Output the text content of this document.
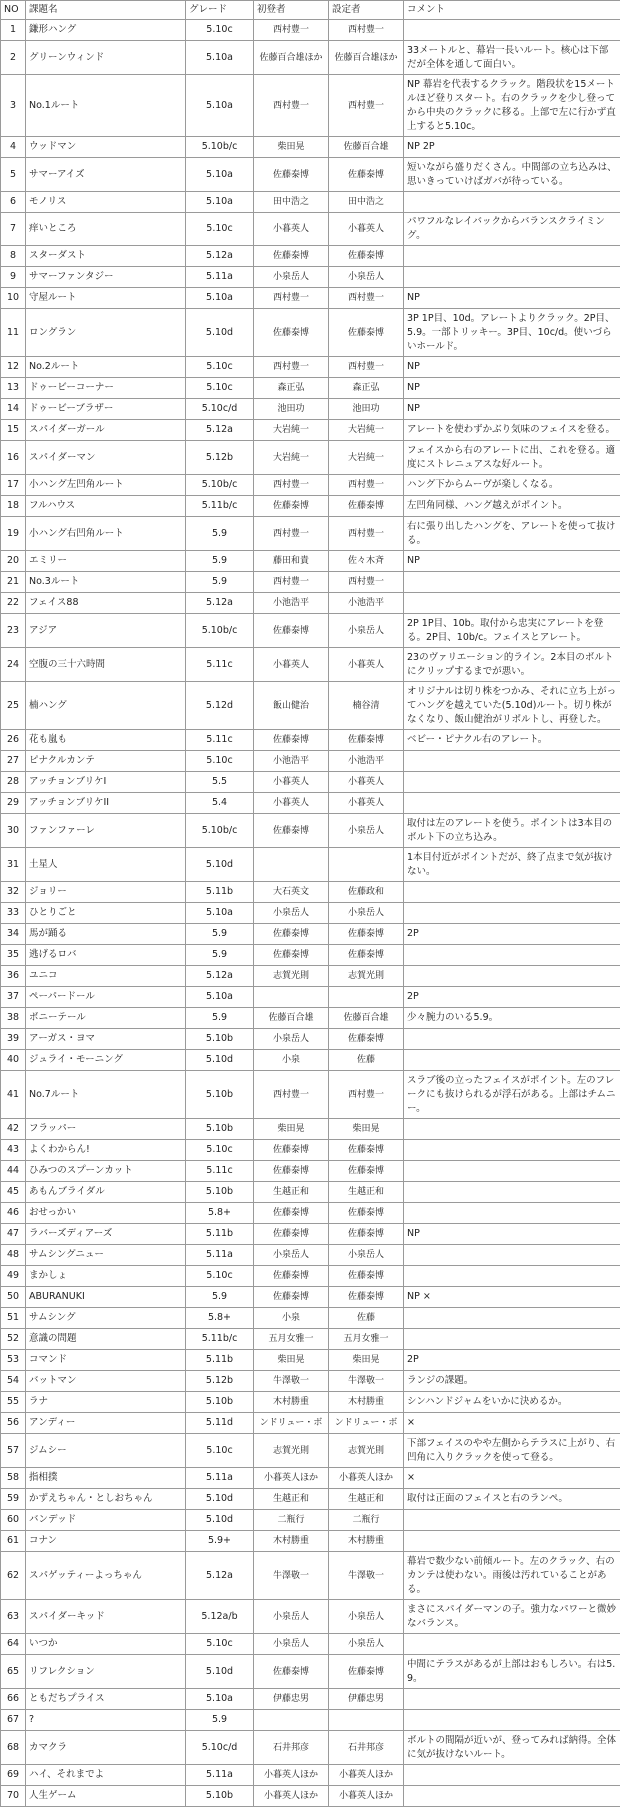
NO	課題名	グレード	初登者	設定者	コメント
1	鎌形ハング	5.10c	西村豊一	西村豊一	
2	グリーンウィンド	5.10a	佐藤百合雄ほか	佐藤百合雄ほか	33メートルと、幕岩一長いルート。核心は下部だが全体を通して面白い。
3	No.1ルート	5.10a	西村豊一	西村豊一	NP 幕岩を代表するクラック。階段状を15メートルほど登りスタート。右のクラックを少し登ってから中央のクラックに移る。上部で左に行かず直上すると5.10c。
4	ウッドマン	5.10b/c	柴田晃	佐藤百合雄	NP 2P
5	サマーアイズ	5.10a	佐藤泰博	佐藤泰博	短いながら盛りだくさん。中間部の立ち込みは、思いきっていけばガバが待っている。
6	モノリス	5.10a	田中浩之	田中浩之	
7	痒いところ	5.10c	小暮英人	小暮英人	パワフルなレイバックからバランスクライミング。
8	スターダスト	5.12a	佐藤泰博	佐藤泰博	
9	サマーファンタジー	5.11a	小泉岳人	小泉岳人	
10	守屋ルート	5.10a	西村豊一	西村豊一	NP
11	ロングラン	5.10d	佐藤泰博	佐藤泰博	3P 1P目、10d。アレートよりクラック。2P目、5.9。一部トリッキー。3P目、10c/d。使いづらいホールド。
12	No.2ルート	5.10c	西村豊一	西村豊一	NP
13	ドゥービーコーナー	5.10c	森正弘	森正弘	NP
14	ドゥービーブラザー	5.10c/d	池田功	池田功	NP
15	スパイダーガール	5.12a	大岩純一	大岩純一	アレートを使わずかぶり気味のフェイスを登る。
16	スパイダーマン	5.12b	大岩純一	大岩純一	フェイスから右のアレートに出、これを登る。適度にストレニュアスな好ルート。
17	小ハング左凹角ルート	5.10b/c	西村豊一	西村豊一	ハング下からムーヴが楽しくなる。
18	フルハウス	5.11b/c	佐藤泰博	佐藤泰博	左凹角同様、ハング越えがポイント。
19	小ハング右凹角ルート	5.9	西村豊一	西村豊一	右に張り出したハングを、アレートを使って抜ける。
20	エミリー	5.9	藤田和貴	佐々木斉	NP
21	No.3ルート	5.9	西村豊一	西村豊一	
22	フェイス88	5.12a	小池浩平	小池浩平	
23	アジア	5.10b/c	佐藤泰博	小泉岳人	2P 1P目、10b。取付から忠実にアレートを登る。2P目、10b/c。フェイスとアレート。
24	空腹の三十六時間	5.11c	小暮英人	小暮英人	23のヴァリエーション的ライン。2本目のボルトにクリップするまでが悪い。
25	楠ハング	5.12d	飯山健治	楠谷清	オリジナルは切り株をつかみ、それに立ち上がってハングを越えていた(5.10d)ルート。切り株がなくなり、飯山健治がリボルトし、再登した。
26	花も嵐も	5.11c	佐藤泰博	佐藤泰博	ベビー・ピナクル右のアレート。
27	ピナクルカンテ	5.10c	小池浩平	小池浩平	
28	アッチョンブリケI	5.5	小暮英人	小暮英人	
29	アッチョンブリケII	5.4	小暮英人	小暮英人	
30	ファンファーレ	5.10b/c	佐藤泰博	小泉岳人	取付は左のアレートを使う。ポイントは3本目のボルト下の立ち込み。
31	土星人	5.10d			1本目付近がポイントだが、終了点まで気が抜けない。
32	ジョリー	5.11b	大石英文	佐藤政和	
33	ひとりごと	5.10a	小泉岳人	小泉岳人	
34	馬が踊る	5.9	佐藤泰博	佐藤泰博	2P
35	逃げるロバ	5.9	佐藤泰博	佐藤泰博	
36	ユニコ	5.12a	志賀光則	志賀光則	
37	ペーパードール	5.10a			2P
38	ボニーテール	5.9	佐藤百合雄	佐藤百合雄	少々腕力のいる5.9。
39	アーガス・ヨマ	5.10b	小泉岳人	佐藤泰博	
40	ジュライ・モーニング	5.10d	小泉	佐藤	
41	No.7ルート	5.10b	西村豊一	西村豊一	スラブ後の立ったフェイスがポイント。左のフレークにも抜けられるが浮石がある。上部はチムニー。
42	フラッパー	5.10b	柴田晃	柴田晃	
43	よくわからん!	5.10c	佐藤泰博	佐藤泰博	
44	ひみつのスプーンカット	5.11c	佐藤泰博	佐藤泰博	
45	あもんブライダル	5.10b	生越正和	生越正和	
46	おせっかい	5.8+	佐藤泰博	佐藤泰博	
47	ラバーズディアーズ	5.11b	佐藤泰博	佐藤泰博	NP
48	サムシングニュー	5.11a	小泉岳人	小泉岳人	
49	まかしょ	5.10c	佐藤泰博	佐藤泰博	
50	ABURANUKI	5.9	佐藤泰博	佐藤泰博	NP ×
51	サムシング	5.8+	小泉	佐藤	
52	意識の問題	5.11b/c	五月女雅一	五月女雅一	
53	コマンド	5.11b	柴田晃	柴田晃	2P
54	バットマン	5.12b	牛澤敬一	牛澤敬一	ランジの課題。
55	ラナ	5.10b	木村勝重	木村勝重	シンハンドジャムをいかに決めるか。
56	アンディー	5.11d	ンドリュー・ボ	ンドリュー・ボ	×
57	ジムシー	5.10c	志賀光則	志賀光則	下部フェイスのやや左側からテラスに上がり、右凹角に入りクラックを使って登る。
58	指相撲	5.11a	小暮英人ほか	小暮英人ほか	×
59	かずえちゃん・としおちゃん	5.10d	生越正和	生越正和	取付は正面のフェイスと右のランペ。
60	バンデッド	5.10d	二瓶行	二瓶行	
61	コナン	5.9+	木村勝重	木村勝重	
62	スパゲッティーよっちゃん	5.12a	牛澤敬一	牛澤敬一	幕岩で数少ない前傾ルート。左のクラック、右のカンテは使わない。雨後は汚れていることがある。
63	スパイダーキッド	5.12a/b	小泉岳人	小泉岳人	まさにスパイダーマンの子。強力なパワーと微妙なバランス。
64	いつか	5.10c	小泉岳人	小泉岳人	
65	リフレクション	5.10d	佐藤泰博	佐藤泰博	中間にテラスがあるが上部はおもしろい。右は5.9。
66	ともだちプライス	5.10a	伊藤忠男	伊藤忠男	
67	?	5.9			
68	カマクラ	5.10c/d	石井邦彦	石井邦彦	ボルトの間隔が近いが、登ってみれば納得。全体に気が抜けないルート。
69	ハイ、それまでよ	5.11a	小暮英人ほか	小暮英人ほか	
70	人生ゲーム	5.10b	小暮英人ほか	小暮英人ほか	
